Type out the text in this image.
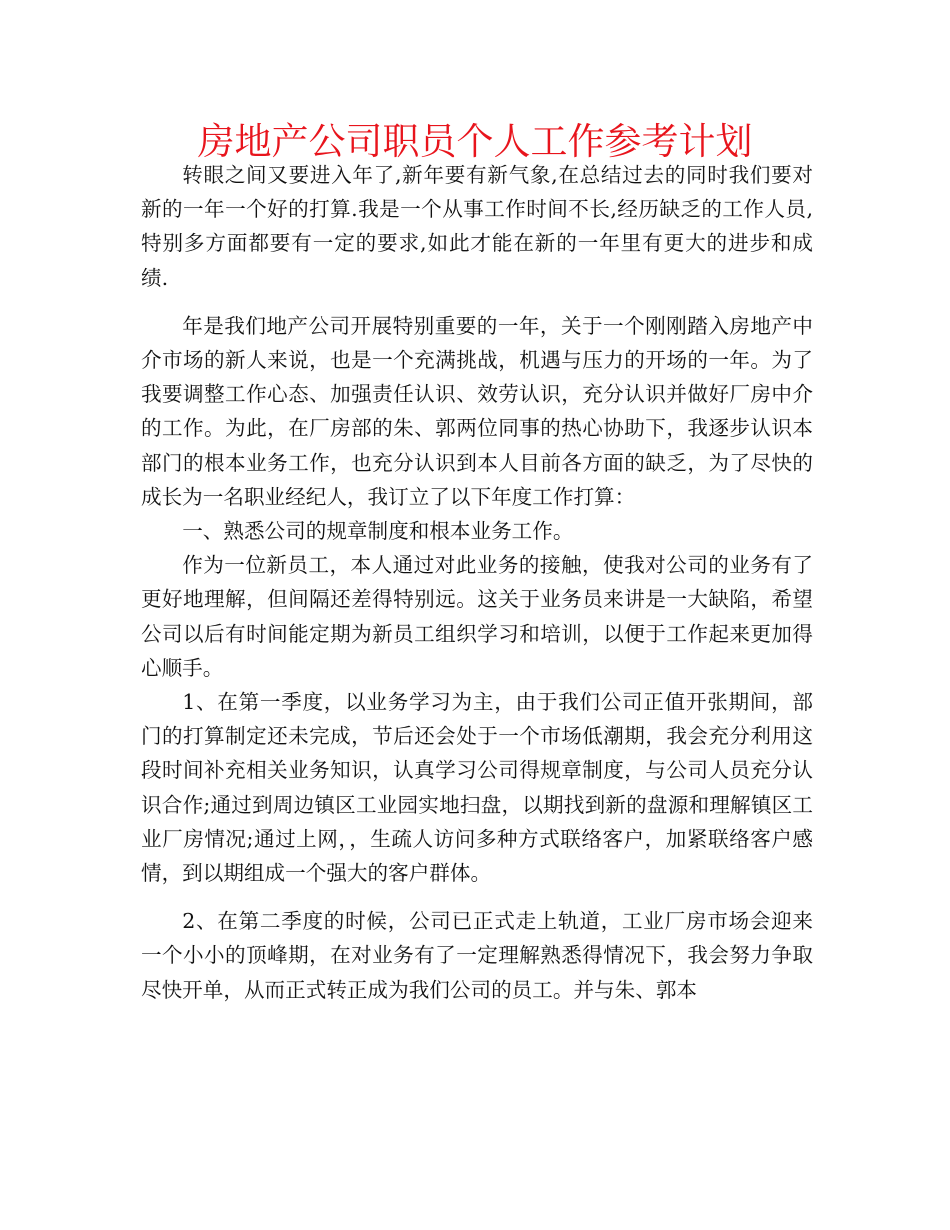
房地产公司职员个人工作参考计划

转眼之间又要进入年了,新年要有新气象,在总结过去的同时我们要对新的一年一个好的打算.我是一个从事工作时间不长,经历缺乏的工作人员,特别多方面都要有一定的要求,如此才能在新的一年里有更大的进步和成绩.

年是我们地产公司开展特别重要的一年，关于一个刚刚踏入房地产中介市场的新人来说，也是一个充满挑战，机遇与压力的开场的一年。为了我要调整工作心态、加强责任认识、效劳认识，充分认识并做好厂房中介的工作。为此，在厂房部的朱、郭两位同事的热心协助下，我逐步认识本部门的根本业务工作，也充分认识到本人目前各方面的缺乏，为了尽快的成长为一名职业经纪人，我订立了以下年度工作打算：

一、熟悉公司的规章制度和根本业务工作。

作为一位新员工，本人通过对此业务的接触，使我对公司的业务有了更好地理解，但间隔还差得特别远。这关于业务员来讲是一大缺陷，希望公司以后有时间能定期为新员工组织学习和培训，以便于工作起来更加得心顺手。

1、在第一季度，以业务学习为主，由于我们公司正值开张期间，部门的打算制定还未完成，节后还会处于一个市场低潮期，我会充分利用这段时间补充相关业务知识，认真学习公司得规章制度，与公司人员充分认识合作;通过到周边镇区工业园实地扫盘，以期找到新的盘源和理解镇区工业厂房情况;通过上网，，生疏人访问多种方式联络客户，加紧联络客户感情，到以期组成一个强大的客户群体。

2、在第二季度的时候，公司已正式走上轨道，工业厂房市场会迎来一个小小的顶峰期，在对业务有了一定理解熟悉得情况下，我会努力争取尽快开单，从而正式转正成为我们公司的员工。并与朱、郭本
